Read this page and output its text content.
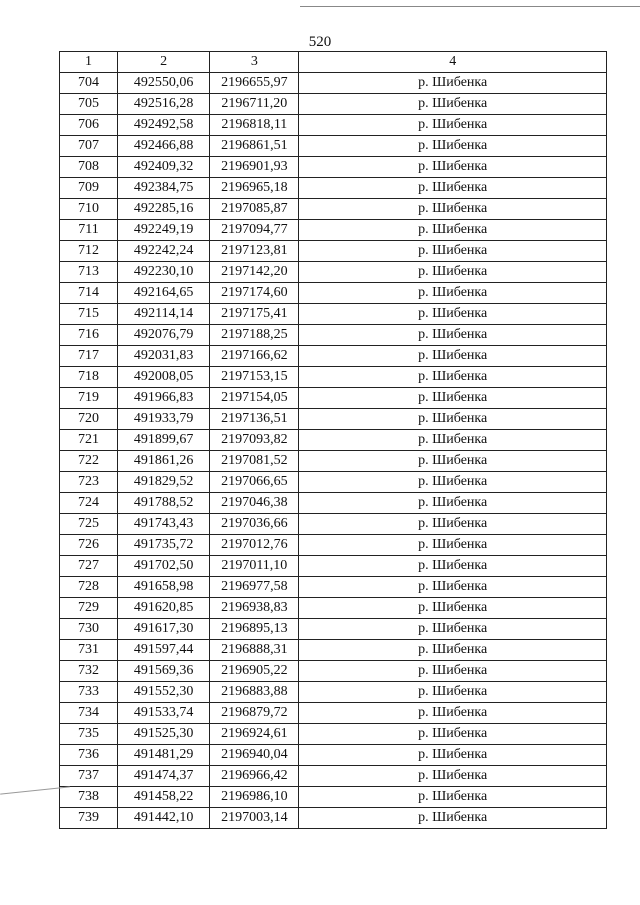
520
1	2	3	4
704	492550,06	2196655,97	р. Шибенка
705	492516,28	2196711,20	р. Шибенка
706	492492,58	2196818,11	р. Шибенка
707	492466,88	2196861,51	р. Шибенка
708	492409,32	2196901,93	р. Шибенка
709	492384,75	2196965,18	р. Шибенка
710	492285,16	2197085,87	р. Шибенка
711	492249,19	2197094,77	р. Шибенка
712	492242,24	2197123,81	р. Шибенка
713	492230,10	2197142,20	р. Шибенка
714	492164,65	2197174,60	р. Шибенка
715	492114,14	2197175,41	р. Шибенка
716	492076,79	2197188,25	р. Шибенка
717	492031,83	2197166,62	р. Шибенка
718	492008,05	2197153,15	р. Шибенка
719	491966,83	2197154,05	р. Шибенка
720	491933,79	2197136,51	р. Шибенка
721	491899,67	2197093,82	р. Шибенка
722	491861,26	2197081,52	р. Шибенка
723	491829,52	2197066,65	р. Шибенка
724	491788,52	2197046,38	р. Шибенка
725	491743,43	2197036,66	р. Шибенка
726	491735,72	2197012,76	р. Шибенка
727	491702,50	2197011,10	р. Шибенка
728	491658,98	2196977,58	р. Шибенка
729	491620,85	2196938,83	р. Шибенка
730	491617,30	2196895,13	р. Шибенка
731	491597,44	2196888,31	р. Шибенка
732	491569,36	2196905,22	р. Шибенка
733	491552,30	2196883,88	р. Шибенка
734	491533,74	2196879,72	р. Шибенка
735	491525,30	2196924,61	р. Шибенка
736	491481,29	2196940,04	р. Шибенка
737	491474,37	2196966,42	р. Шибенка
738	491458,22	2196986,10	р. Шибенка
739	491442,10	2197003,14	р. Шибенка
